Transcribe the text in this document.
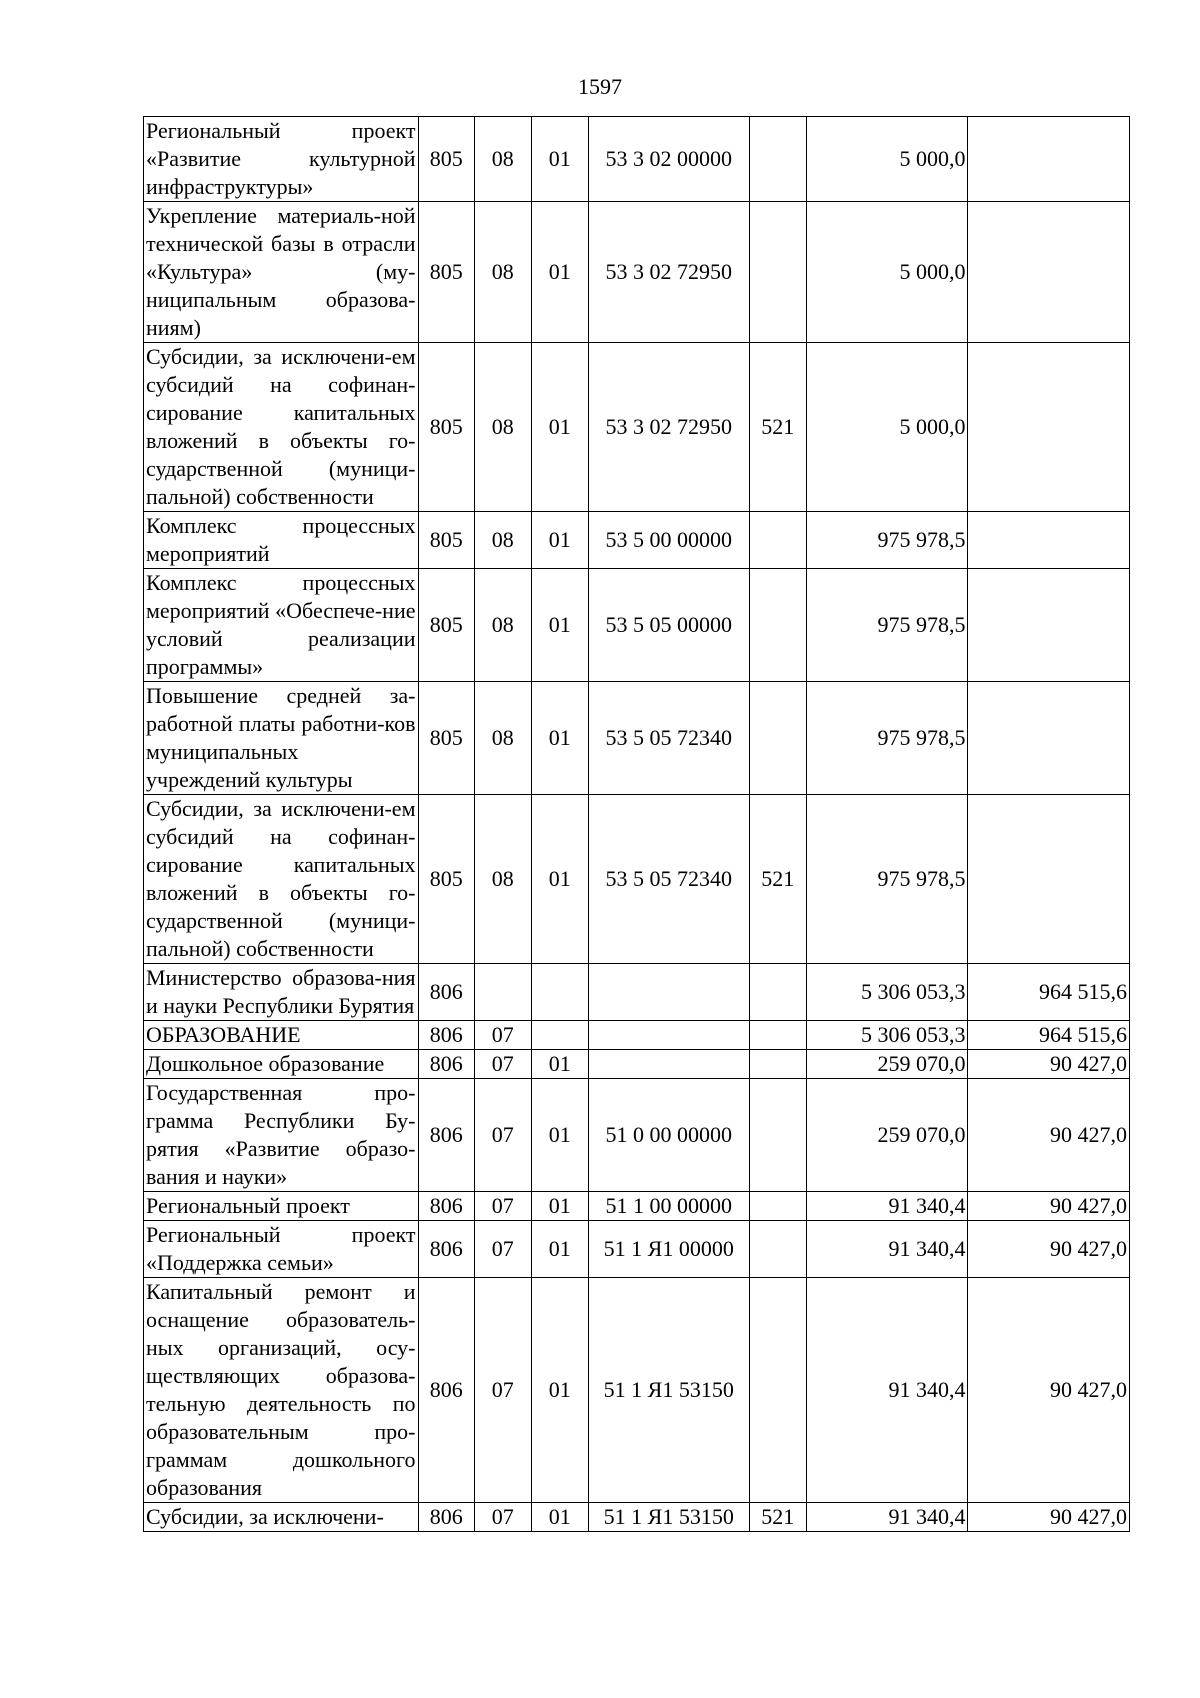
1597
Региональный проект «Развитие культурной инфраструктуры»	805	08	01	53 3 02 00000		5 000,0	
Укрепление материаль-ной технической базы в отрасли «Культура» (му-ниципальным образова-ниям)	805	08	01	53 3 02 72950		5 000,0	
Субсидии, за исключени-ем субсидий на софинан-сирование капитальных вложений в объекты го-сударственной (муници-пальной) собственности	805	08	01	53 3 02 72950	521	5 000,0	
Комплекс процессных мероприятий	805	08	01	53 5 00 00000		975 978,5	
Комплекс процессных мероприятий «Обеспече-ние условий реализации программы»	805	08	01	53 5 05 00000		975 978,5	
Повышение средней за-работной платы работни-ков муниципальных учреждений культуры	805	08	01	53 5 05 72340		975 978,5	
Субсидии, за исключени-ем субсидий на софинан-сирование капитальных вложений в объекты го-сударственной (муници-пальной) собственности	805	08	01	53 5 05 72340	521	975 978,5	
Министерство образова-ния и науки Республики Бурятия	806					5 306 053,3	964 515,6
ОБРАЗОВАНИЕ	806	07				5 306 053,3	964 515,6
Дошкольное образование	806	07	01			259 070,0	90 427,0
Государственная про-грамма Республики Бу-рятия «Развитие образо-вания и науки»	806	07	01	51 0 00 00000		259 070,0	90 427,0
Региональный проект	806	07	01	51 1 00 00000		91 340,4	90 427,0
Региональный проект «Поддержка семьи»	806	07	01	51 1 Я1 00000		91 340,4	90 427,0
Капитальный ремонт и оснащение образователь-ных организаций, осу-ществляющих образова-тельную деятельность по образовательным про-граммам дошкольного образования	806	07	01	51 1 Я1 53150		91 340,4	90 427,0
Субсидии, за исключени-	806	07	01	51 1 Я1 53150	521	91 340,4	90 427,0
